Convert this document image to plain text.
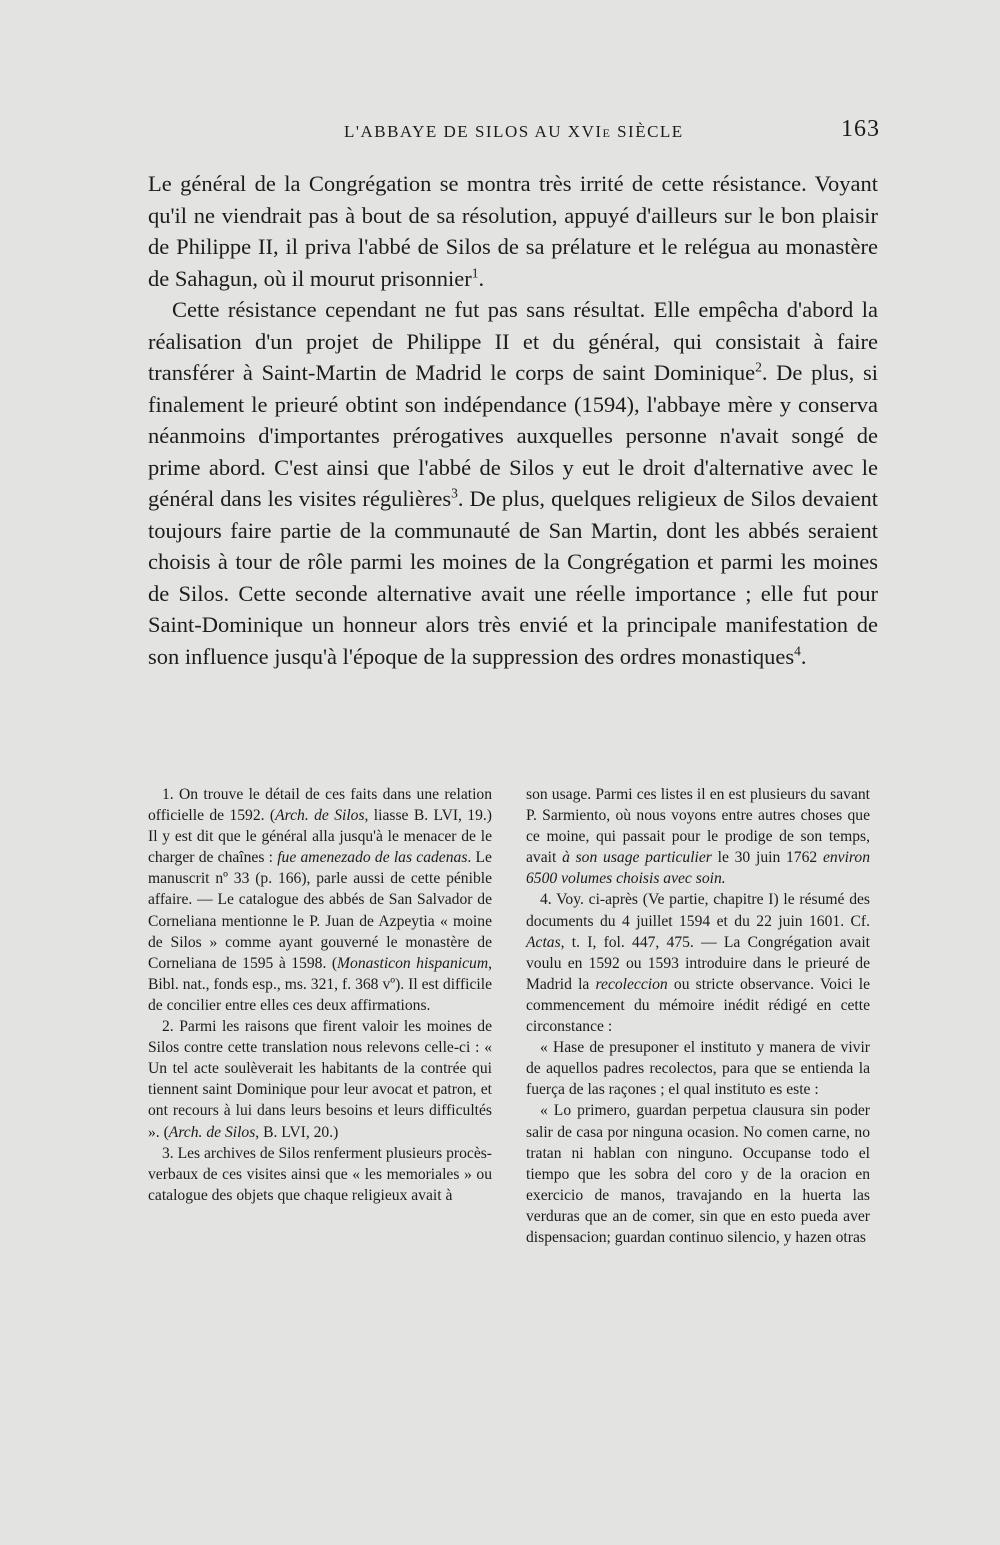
L'ABBAYE DE SILOS AU XVIe SIÈCLE	163

Le général de la Congrégation se montra très irrité de cette résistance. Voyant qu'il ne viendrait pas à bout de sa résolution, appuyé d'ailleurs sur le bon plaisir de Philippe II, il priva l'abbé de Silos de sa prélature et le relégua au monastère de Sahagun, où il mourut prisonnier$^1$.

Cette résistance cependant ne fut pas sans résultat. Elle empêcha d'abord la réalisation d'un projet de Philippe II et du général, qui consistait à faire transférer à Saint-Martin de Madrid le corps de saint Dominique$^2$. De plus, si finalement le prieuré obtint son indépendance (1594), l'abbaye mère y conserva néanmoins d'importantes prérogatives auxquelles personne n'avait songé de prime abord. C'est ainsi que l'abbé de Silos y eut le droit d'alternative avec le général dans les visites régulières$^3$. De plus, quelques religieux de Silos devaient toujours faire partie de la communauté de San Martin, dont les abbés seraient choisis à tour de rôle parmi les moines de la Congrégation et parmi les moines de Silos. Cette seconde alternative avait une réelle importance ; elle fut pour Saint-Dominique un honneur alors très envié et la principale manifestation de son influence jusqu'à l'époque de la suppression des ordres monastiques$^4$.

1. On trouve le détail de ces faits dans une relation officielle de 1592. (Arch. de Silos, liasse B. LVI, 19.) Il y est dit que le général alla jusqu'à le menacer de le charger de chaînes : fue amenezado de las cadenas. Le manuscrit nº 33 (p. 166), parle aussi de cette pénible affaire. — Le catalogue des abbés de San Salvador de Corneliana mentionne le P. Juan de Azpeytia « moine de Silos » comme ayant gouverné le monastère de Corneliana de 1595 à 1598. (Monasticon hispanicum, Bibl. nat., fonds esp., ms. 321, f. 368 vº). Il est difficile de concilier entre elles ces deux affirmations.

2. Parmi les raisons que firent valoir les moines de Silos contre cette translation nous relevons celle-ci : « Un tel acte soulèverait les habitants de la contrée qui tiennent saint Dominique pour leur avocat et patron, et ont recours à lui dans leurs besoins et leurs difficultés ». (Arch. de Silos, B. LVI, 20.)

3. Les archives de Silos renferment plusieurs procès-verbaux de ces visites ainsi que « les memoriales » ou catalogue des objets que chaque religieux avait à

son usage. Parmi ces listes il en est plusieurs du savant P. Sarmiento, où nous voyons entre autres choses que ce moine, qui passait pour le prodige de son temps, avait à son usage particulier le 30 juin 1762 environ 6500 volumes choisis avec soin.

4. Voy. ci-après (Ve partie, chapitre I) le résumé des documents du 4 juillet 1594 et du 22 juin 1601. Cf. Actas, t. I, fol. 447, 475. — La Congrégation avait voulu en 1592 ou 1593 introduire dans le prieuré de Madrid la recoleccion ou stricte observance. Voici le commencement du mémoire inédit rédigé en cette circonstance :

« Hase de presuponer el instituto y manera de vivir de aquellos padres recolectos, para que se entienda la fuerça de las raçones ; el qual instituto es este :

« Lo primero, guardan perpetua clausura sin poder salir de casa por ninguna ocasion. No comen carne, no tratan ni hablan con ninguno. Occupanse todo el tiempo que les sobra del coro y de la oracion en exercicio de manos, travajando en la huerta las verduras que an de comer, sin que en esto pueda aver dispensacion; guardan continuo silencio, y hazen otras
